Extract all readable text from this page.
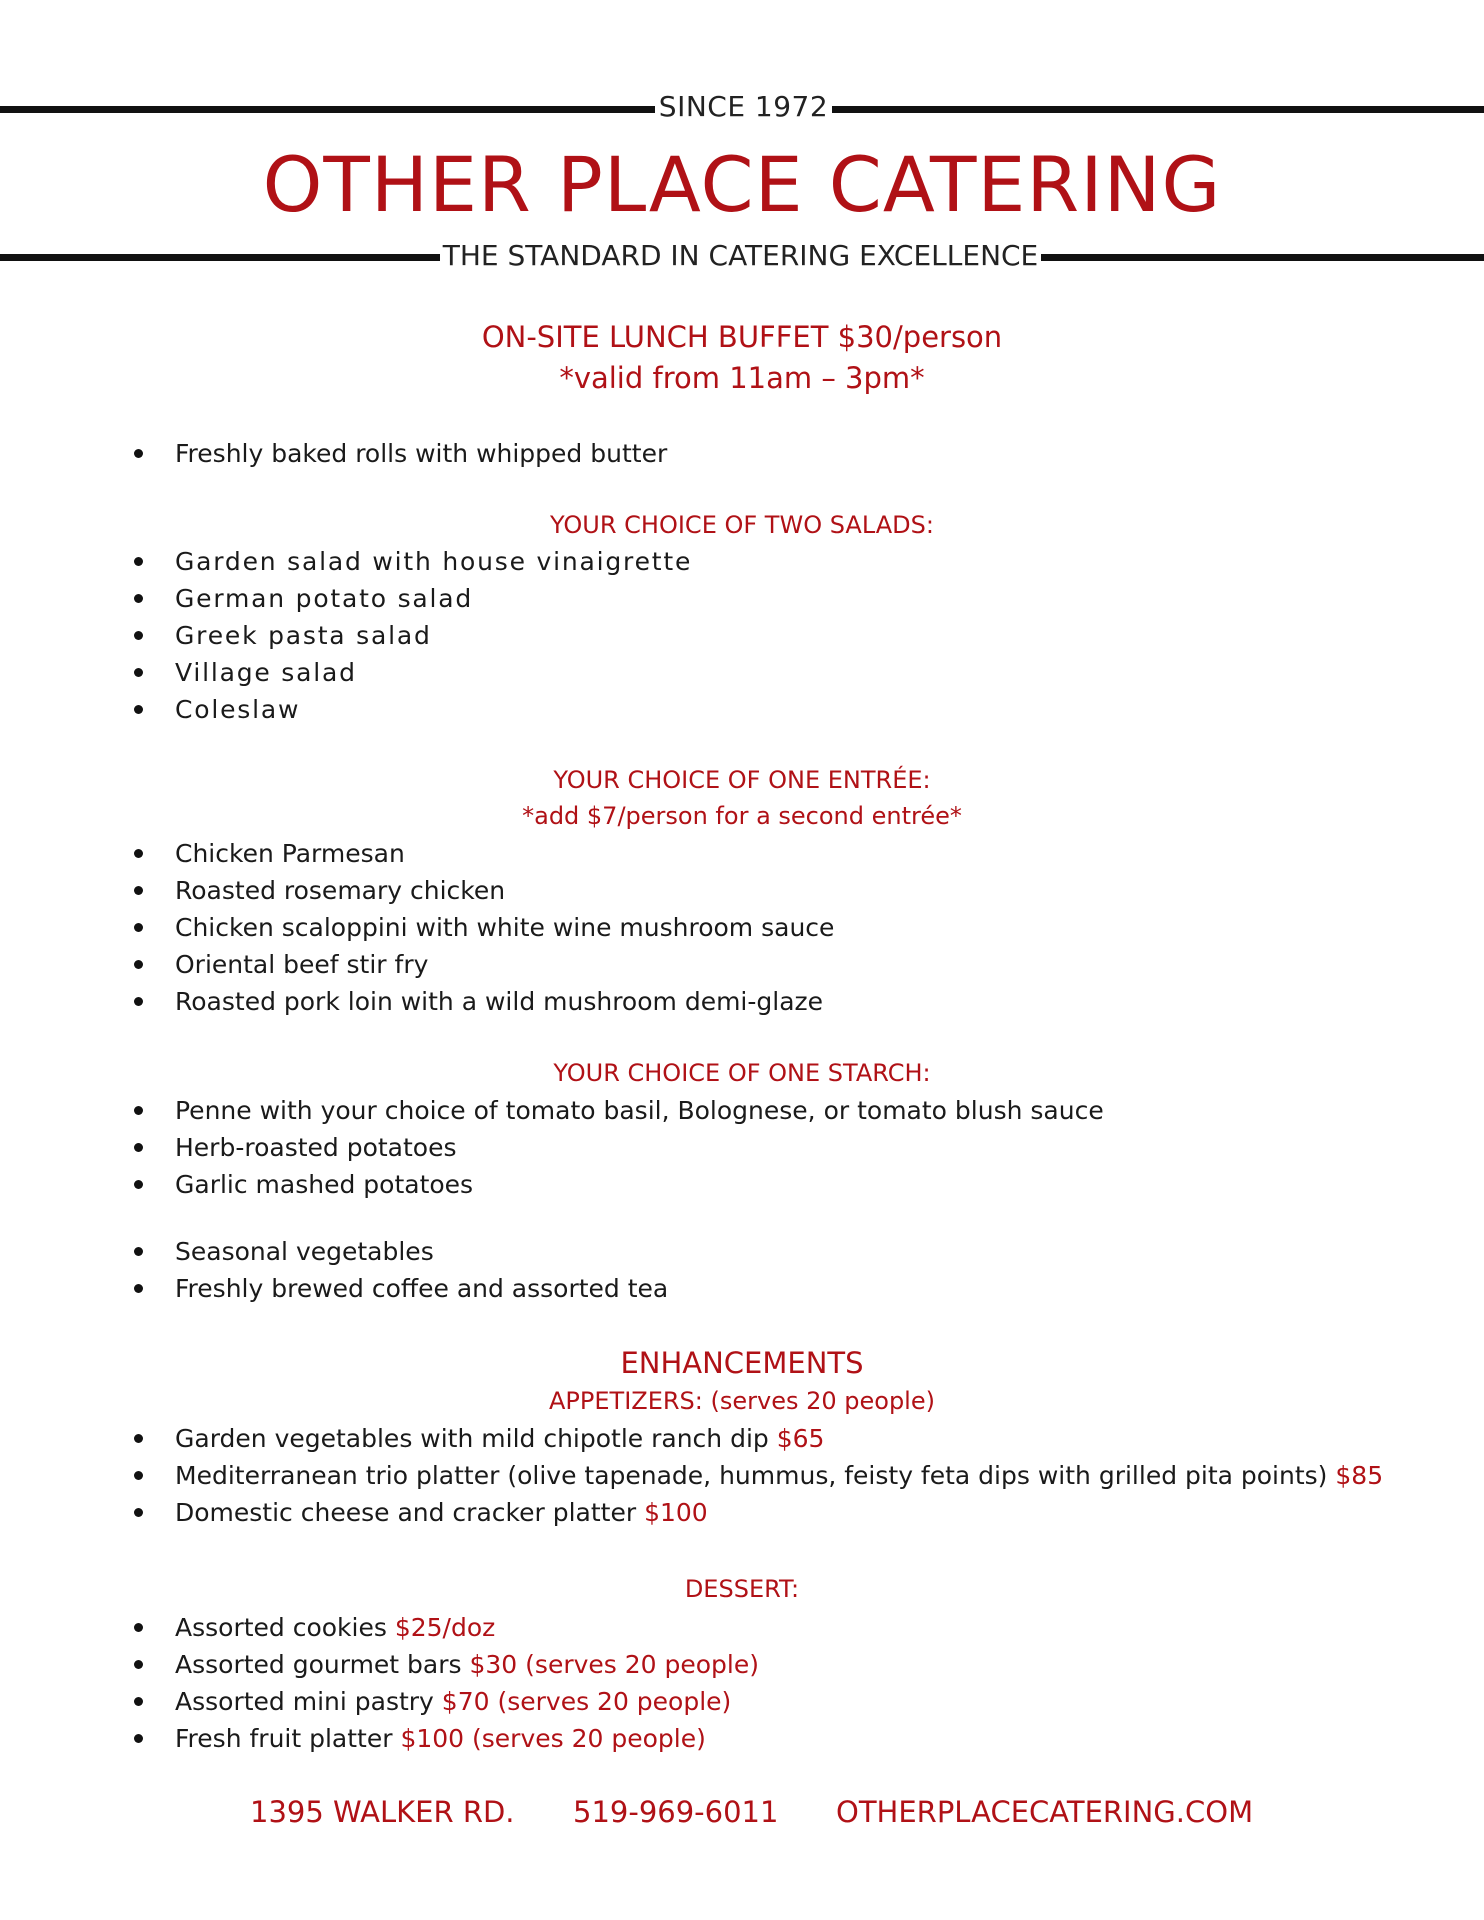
SINCE 1972
OTHER PLACE CATERING
THE STANDARD IN CATERING EXCELLENCE
ON-SITE LUNCH BUFFET $30/person
*valid from 11am – 3pm*
Freshly baked rolls with whipped butter
YOUR CHOICE OF TWO SALADS:
Garden salad with house vinaigrette
German potato salad
Greek pasta salad
Village salad
Coleslaw
YOUR CHOICE OF ONE ENTRÉE:
*add $7/person for a second entrée*
Chicken Parmesan
Roasted rosemary chicken
Chicken scaloppini with white wine mushroom sauce
Oriental beef stir fry
Roasted pork loin with a wild mushroom demi-glaze
YOUR CHOICE OF ONE STARCH:
Penne with your choice of tomato basil, Bolognese, or tomato blush sauce
Herb-roasted potatoes
Garlic mashed potatoes
Seasonal vegetables
Freshly brewed coffee and assorted tea
ENHANCEMENTS
APPETIZERS: (serves 20 people)
Garden vegetables with mild chipotle ranch dip $65
Mediterranean trio platter (olive tapenade, hummus, feisty feta dips with grilled pita points) $85
Domestic cheese and cracker platter $100
DESSERT:
Assorted cookies $25/doz
Assorted gourmet bars $30 (serves 20 people)
Assorted mini pastry $70 (serves 20 people)
Fresh fruit platter $100 (serves 20 people)
1395 WALKER RD. 519-969-6011 OTHERPLACECATERING.COM
